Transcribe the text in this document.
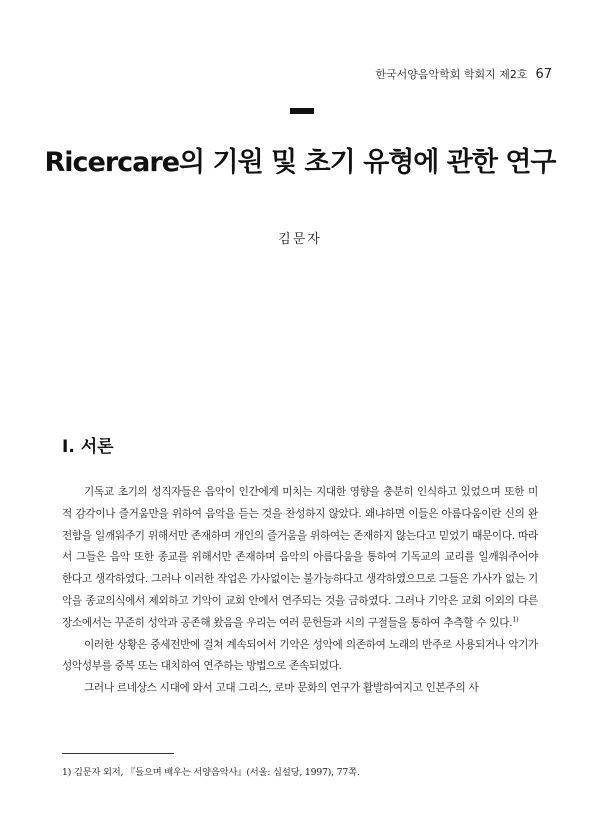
한국서양음악학회 학회지 제2호 67
Ricercare의 기원 및 초기 유형에 관한 연구
김문자
I. 서론

기독교 초기의 성직자들은 음악이 인간에게 미치는 지대한 영향을 충분히 인식하고 있었으며 또한 미적 감각이나 즐거움만을 위하여 음악을 듣는 것을 찬성하지 않았다. 왜냐하면 이들은 아름다움이란 신의 완전함을 일깨워주기 위해서만 존재하며 개인의 즐거움을 위하여는 존재하지 않는다고 믿었기 때문이다. 따라서 그들은 음악 또한 종교를 위해서만 존재하며 음악의 아름다움을 통하여 기독교의 교리를 일깨워주어야 한다고 생각하였다. 그러나 이러한 작업은 가사없이는 불가능하다고 생각하였으므로 그들은 가사가 없는 기악을 종교의식에서 제외하고 기악이 교회 안에서 연주되는 것을 금하였다. 그러나 기악은 교회 이외의 다른 장소에서는 꾸준히 성악과 공존해 왔음을 우리는 여러 문헌들과 시의 구절들을 통하여 추측할 수 있다.$^{1)}$

이러한 상황은 중세전반에 걸쳐 계속되어서 기악은 성악에 의존하여 노래의 반주로 사용되거나 악기가 성악성부를 중복 또는 대치하여 연주하는 방법으로 존속되었다.

그러나 르네상스 시대에 와서 고대 그리스, 로마 문화의 연구가 활발하여지고 인본주의 사

1) 김문자 외저, 『들으며 배우는 서양음악사』(서울: 심설당, 1997), 77쪽.
